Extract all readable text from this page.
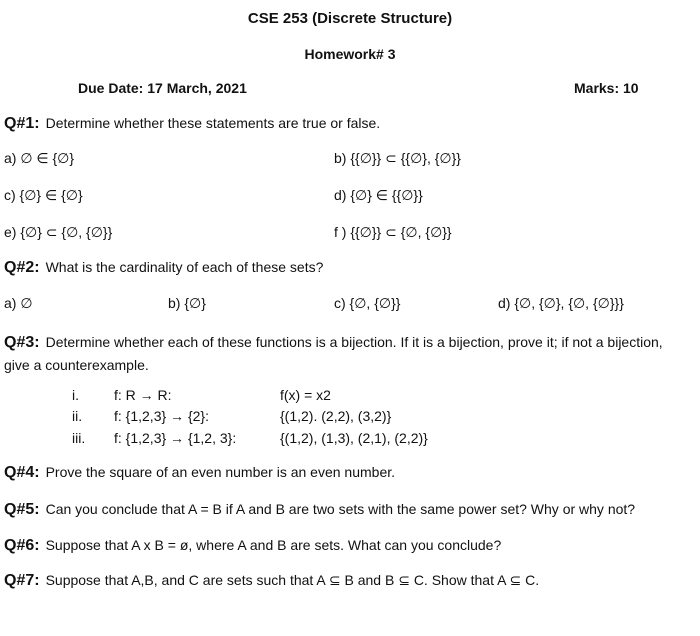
CSE 253 (Discrete Structure)
Homework# 3
Due Date: 17 March, 2021	Marks: 10
Q#1: Determine whether these statements are true or false.
a) ∅ ∈ {∅}	b) {{∅}} ⊂ {{∅}, {∅}}
c) {∅} ∈ {∅}	d) {∅} ∈ {{∅}}
e) {∅} ⊂ {∅, {∅}}	f ) {{∅}} ⊂ {∅, {∅}}
Q#2: What is the cardinality of each of these sets?
a) ∅	b) {∅}	c) {∅, {∅}}	d) {∅, {∅}, {∅, {∅}}}
Q#3: Determine whether each of these functions is a bijection. If it is a bijection, prove it; if not a bijection, give a counterexample.
i.	f: R → R:	f(x) = x2
ii. f: {1,2,3} → {2}:	{(1,2). (2,2), (3,2)}
iii. f: {1,2,3} → {1,2, 3}:	{(1,2), (1,3), (2,1), (2,2)}
Q#4: Prove the square of an even number is an even number.
Q#5: Can you conclude that A = B if A and B are two sets with the same power set? Why or why not?
Q#6: Suppose that A x B = ø, where A and B are sets. What can you conclude?
Q#7: Suppose that A,B, and C are sets such that A ⊆ B and B ⊆ C. Show that A ⊆ C.
